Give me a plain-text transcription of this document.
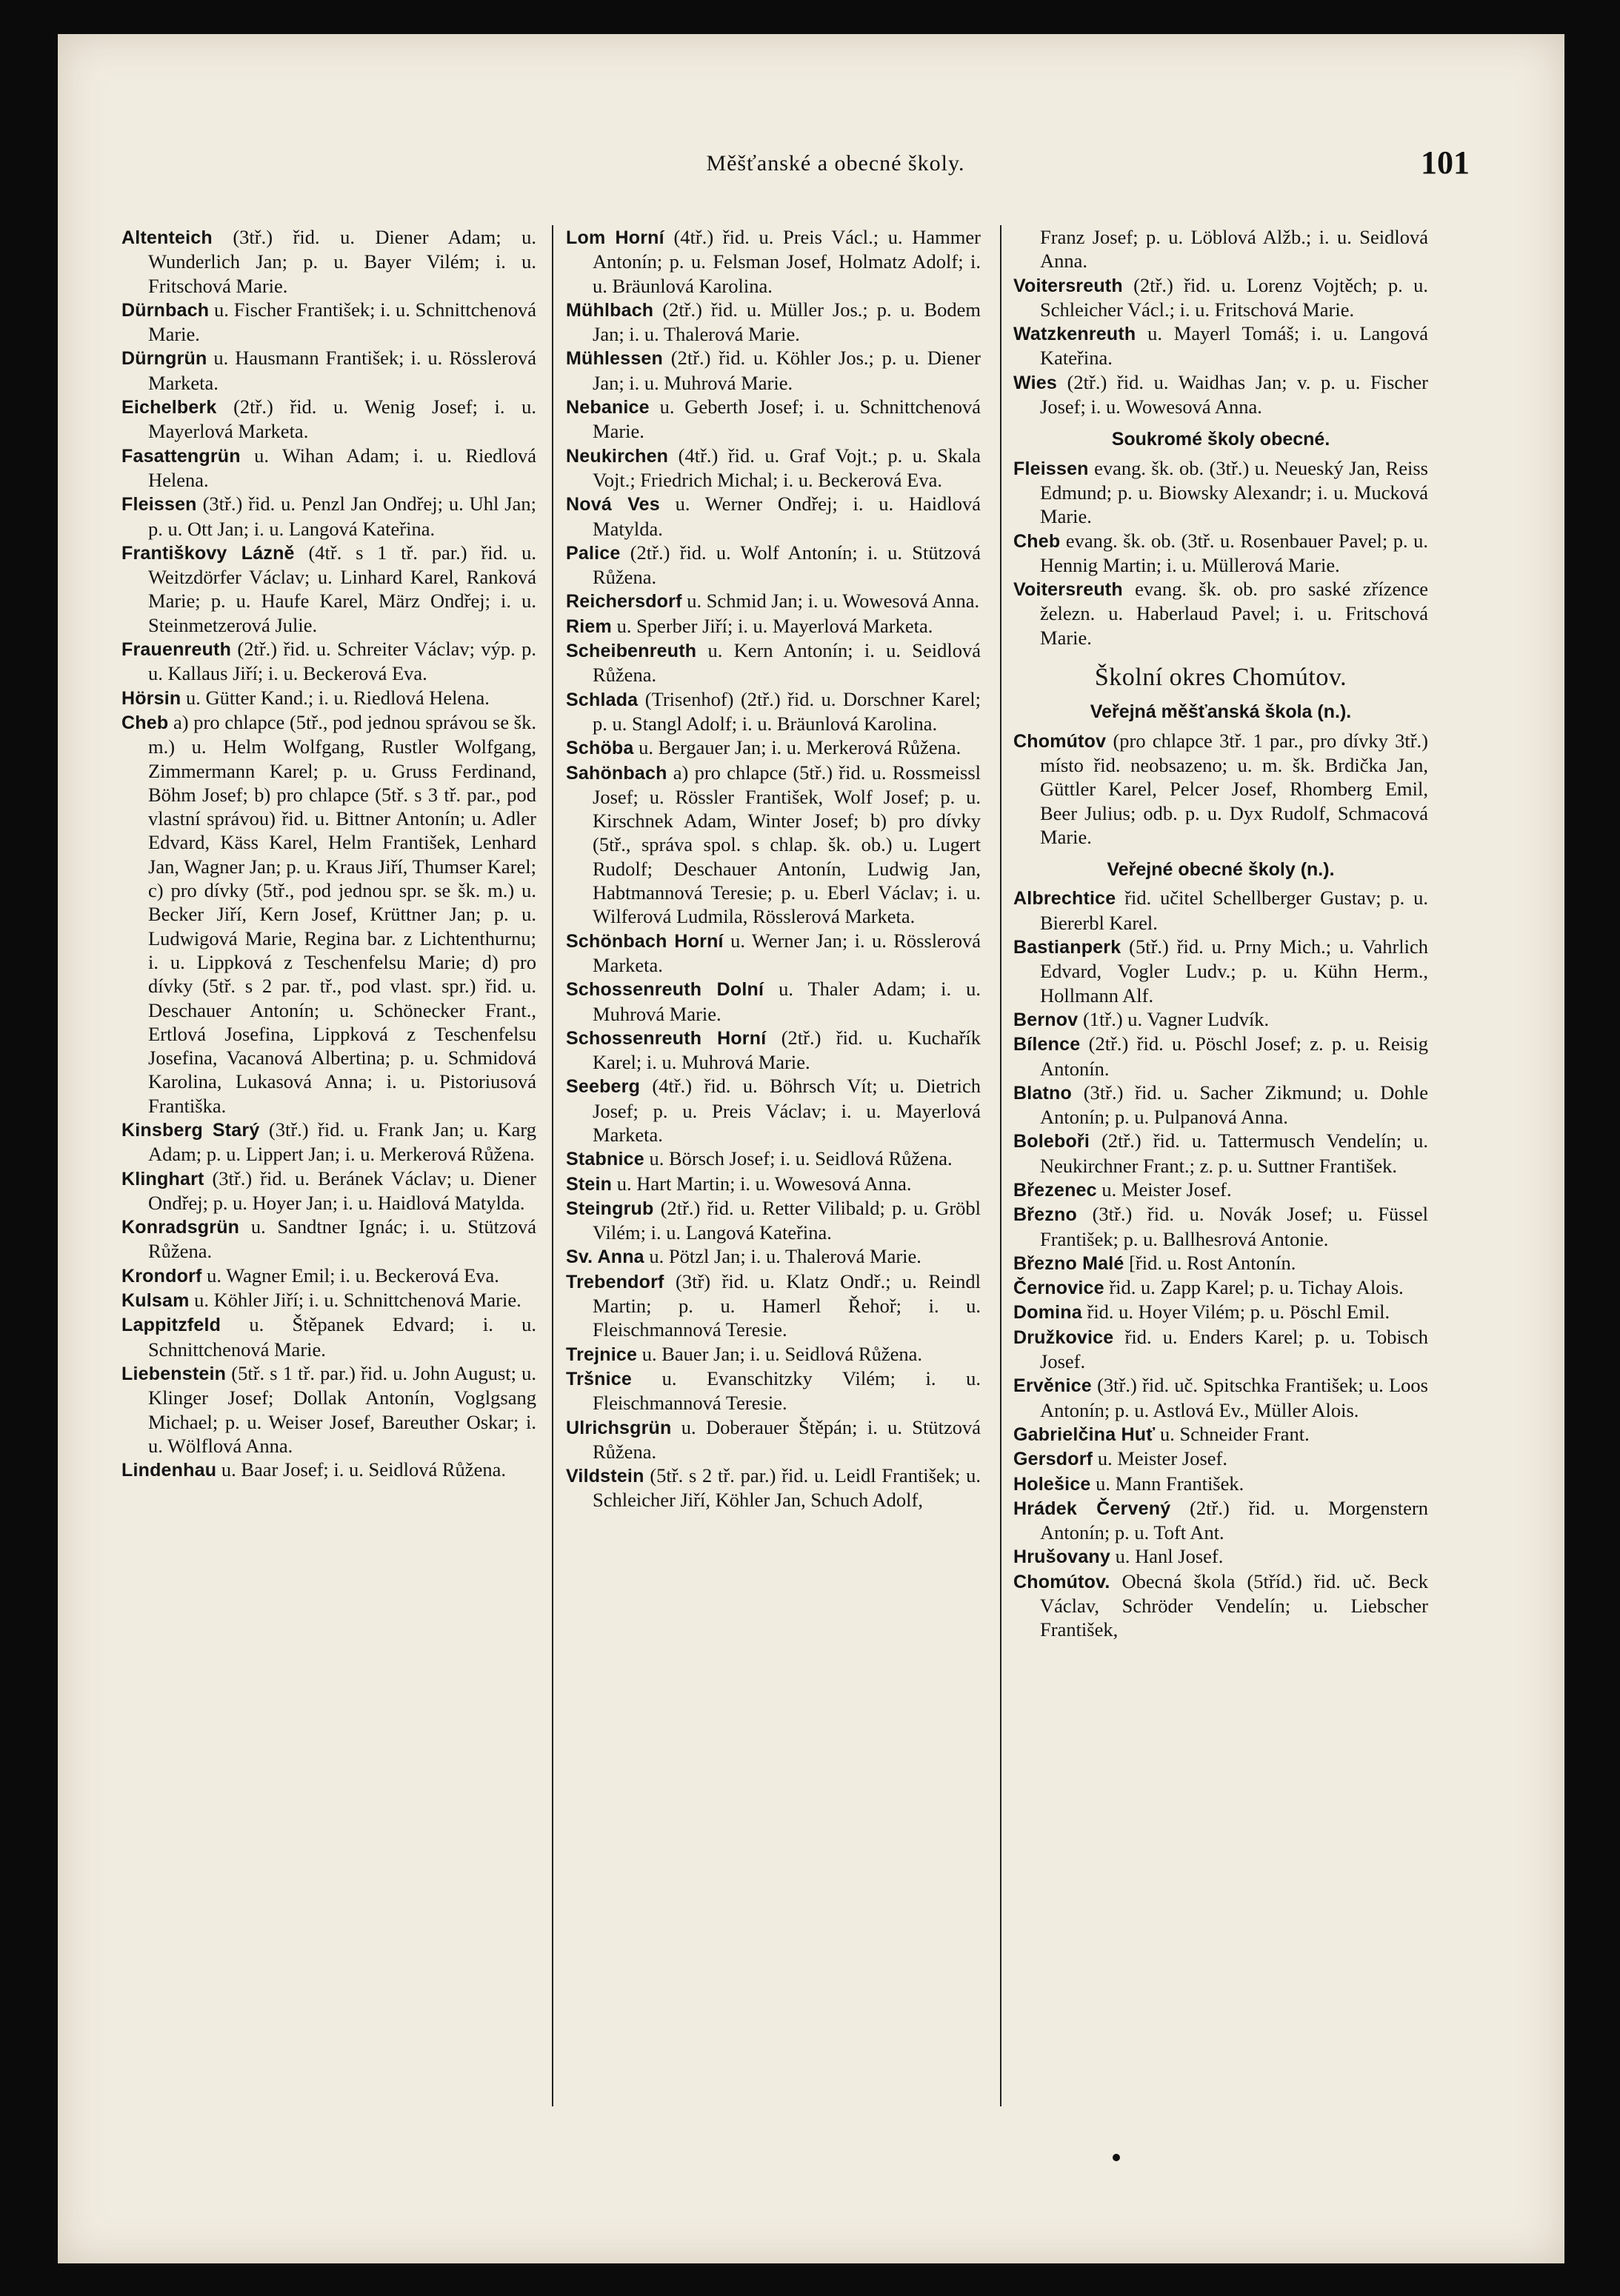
Měšťanské a obecné školy.	101

Altenteich (3tř.) řid. u. Diener Adam; u. Wunderlich Jan; p. u. Bayer Vilém; i. u. Fritschová Marie.

Dürnbach u. Fischer František; i. u. Schnittchenová Marie.

Dürngrün u. Hausmann František; i. u. Rösslerová Marketa.

Eichelberk (2tř.) řid. u. Wenig Josef; i. u. Mayerlová Marketa.

Fasattengrün u. Wihan Adam; i. u. Riedlová Helena.

Fleissen (3tř.) řid. u. Penzl Jan Ondřej; u. Uhl Jan; p. u. Ott Jan; i. u. Langová Kateřina.

Františkovy Lázně (4tř. s 1 tř. par.) řid. u. Weitzdörfer Václav; u. Linhard Karel, Ranková Marie; p. u. Haufe Karel, März Ondřej; i. u. Steinmetzerová Julie.

Frauenreuth (2tř.) řid. u. Schreiter Václav; výp. p. u. Kallaus Jiří; i. u. Beckerová Eva.

Hörsin u. Gütter Kand.; i. u. Riedlová Helena.

Cheb a) pro chlapce (5tř., pod jednou správou se šk. m.) u. Helm Wolfgang, Rustler Wolfgang, Zimmermann Karel; p. u. Gruss Ferdinand, Böhm Josef; b) pro chlapce (5tř. s 3 tř. par., pod vlastní správou) řid. u. Bittner Antonín; u. Adler Edvard, Käss Karel, Helm František, Lenhard Jan, Wagner Jan; p. u. Kraus Jiří, Thumser Karel; c) pro dívky (5tř., pod jednou spr. se šk. m.) u. Becker Jiří, Kern Josef, Krüttner Jan; p. u. Ludwigová Marie, Regina bar. z Lichtenthurnu; i. u. Lippková z Teschenfelsu Marie; d) pro dívky (5tř. s 2 par. tř., pod vlast. spr.) řid. u. Deschauer Antonín; u. Schönecker Frant., Ertlová Josefina, Lippková z Teschenfelsu Josefina, Vacanová Albertina; p. u. Schmidová Karolina, Lukasová Anna; i. u. Pistoriusová Františka.

Kinsberg Starý (3tř.) řid. u. Frank Jan; u. Karg Adam; p. u. Lippert Jan; i. u. Merkerová Růžena.

Klinghart (3tř.) řid. u. Beránek Václav; u. Diener Ondřej; p. u. Hoyer Jan; i. u. Haidlová Matylda.

Konradsgrün u. Sandtner Ignác; i. u. Stützová Růžena.

Krondorf u. Wagner Emil; i. u. Beckerová Eva.

Kulsam u. Köhler Jiří; i. u. Schnittchenová Marie.

Lappitzfeld u. Štěpanek Edvard; i. u. Schnittchenová Marie.

Liebenstein (5tř. s 1 tř. par.) řid. u. John August; u. Klinger Josef; Dollak Antonín, Voglgsang Michael; p. u. Weiser Josef, Bareuther Oskar; i. u. Wölflová Anna.

Lindenhau u. Baar Josef; i. u. Seidlová Růžena.

Lom Horní (4tř.) řid. u. Preis Václ.; u. Hammer Antonín; p. u. Felsman Josef, Holmatz Adolf; i. u. Bräunlová Karolina.

Mühlbach (2tř.) řid. u. Müller Jos.; p. u. Bodem Jan; i. u. Thalerová Marie.

Mühlessen (2tř.) řid. u. Köhler Jos.; p. u. Diener Jan; i. u. Muhrová Marie.

Nebanice u. Geberth Josef; i. u. Schnittchenová Marie.

Neukirchen (4tř.) řid. u. Graf Vojt.; p. u. Skala Vojt.; Friedrich Michal; i. u. Beckerová Eva.

Nová Ves u. Werner Ondřej; i. u. Haidlová Matylda.

Palice (2tř.) řid. u. Wolf Antonín; i. u. Stützová Růžena.

Reichersdorf u. Schmid Jan; i. u. Wowesová Anna.

Riem u. Sperber Jiří; i. u. Mayerlová Marketa.

Scheibenreuth u. Kern Antonín; i. u. Seidlová Růžena.

Schlada (Trisenhof) (2tř.) řid. u. Dorschner Karel; p. u. Stangl Adolf; i. u. Bräunlová Karolina.

Schöba u. Bergauer Jan; i. u. Merkerová Růžena.

Sahönbach a) pro chlapce (5tř.) řid. u. Rossmeissl Josef; u. Rössler František, Wolf Josef; p. u. Kirschnek Adam, Winter Josef; b) pro dívky (5tř., správa spol. s chlap. šk. ob.) u. Lugert Rudolf; Deschauer Antonín, Ludwig Jan, Habtmannová Teresie; p. u. Eberl Václav; i. u. Wilferová Ludmila, Rösslerová Marketa.

Schönbach Horní u. Werner Jan; i. u. Rösslerová Marketa.

Schossenreuth Dolní u. Thaler Adam; i. u. Muhrová Marie.

Schossenreuth Horní (2tř.) řid. u. Kuchařík Karel; i. u. Muhrová Marie.

Seeberg (4tř.) řid. u. Böhrsch Vít; u. Dietrich Josef; p. u. Preis Václav; i. u. Mayerlová Marketa.

Stabnice u. Börsch Josef; i. u. Seidlová Růžena.

Stein u. Hart Martin; i. u. Wowesová Anna.

Steingrub (2tř.) řid. u. Retter Vilibald; p. u. Gröbl Vilém; i. u. Langová Kateřina.

Sv. Anna u. Pötzl Jan; i. u. Thalerová Marie.

Trebendorf (3tř) řid. u. Klatz Ondř.; u. Reindl Martin; p. u. Hamerl Řehoř; i. u. Fleischmannová Teresie.

Trejnice u. Bauer Jan; i. u. Seidlová Růžena.

Tršnice u. Evanschitzky Vilém; i. u. Fleischmannová Teresie.

Ulrichsgrün u. Doberauer Štěpán; i. u. Stützová Růžena.

Vildstein (5tř. s 2 tř. par.) řid. u. Leidl František; u. Schleicher Jiří, Köhler Jan, Schuch Adolf,

Franz Josef; p. u. Löblová Alžb.; i. u. Seidlová Anna.

Voitersreuth (2tř.) řid. u. Lorenz Vojtěch; p. u. Schleicher Václ.; i. u. Fritschová Marie.

Watzkenreuth u. Mayerl Tomáš; i. u. Langová Kateřina.

Wies (2tř.) řid. u. Waidhas Jan; v. p. u. Fischer Josef; i. u. Wowesová Anna.

Soukromé školy obecné.

Fleissen evang. šk. ob. (3tř.) u. Neueský Jan, Reiss Edmund; p. u. Biowsky Alexandr; i. u. Mucková Marie.

Cheb evang. šk. ob. (3tř. u. Rosenbauer Pavel; p. u. Hennig Martin; i. u. Müllerová Marie.

Voitersreuth evang. šk. ob. pro saské zřízence železn. u. Haberlaud Pavel; i. u. Fritschová Marie.

Školní okres Chomútov.

Veřejná měšťanská škola (n.).

Chomútov (pro chlapce 3tř. 1 par., pro dívky 3tř.) místo řid. neobsazeno; u. m. šk. Brdička Jan, Güttler Karel, Pelcer Josef, Rhomberg Emil, Beer Julius; odb. p. u. Dyx Rudolf, Schmacová Marie.

Veřejné obecné školy (n.).

Albrechtice řid. učitel Schellberger Gustav; p. u. Biererbl Karel.

Bastianperk (5tř.) řid. u. Prny Mich.; u. Vahrlich Edvard, Vogler Ludv.; p. u. Kühn Herm., Hollmann Alf.

Bernov (1tř.) u. Vagner Ludvík.

Bílence (2tř.) řid. u. Pöschl Josef; z. p. u. Reisig Antonín.

Blatno (3tř.) řid. u. Sacher Zikmund; u. Dohle Antonín; p. u. Pulpanová Anna.

Boleboři (2tř.) řid. u. Tattermusch Vendelín; u. Neukirchner Frant.; z. p. u. Suttner František.

Březenec u. Meister Josef.

Březno (3tř.) řid. u. Novák Josef; u. Füssel František; p. u. Ballhesrová Antonie.

Březno Malé [řid. u. Rost Antonín.

Černovice řid. u. Zapp Karel; p. u. Tichay Alois.

Domina řid. u. Hoyer Vilém; p. u. Pöschl Emil.

Družkovice řid. u. Enders Karel; p. u. Tobisch Josef.

Ervěnice (3tř.) řid. uč. Spitschka František; u. Loos Antonín; p. u. Astlová Ev., Müller Alois.

Gabrielčina Huť u. Schneider Frant.

Gersdorf u. Meister Josef.

Holešice u. Mann František.

Hrádek Červený (2tř.) řid. u. Morgenstern Antonín; p. u. Toft Ant.

Hrušovany u. Hanl Josef.

Chomútov. Obecná škola (5tříd.) řid. uč. Beck Václav, Schröder Vendelín; u. Liebscher František,
